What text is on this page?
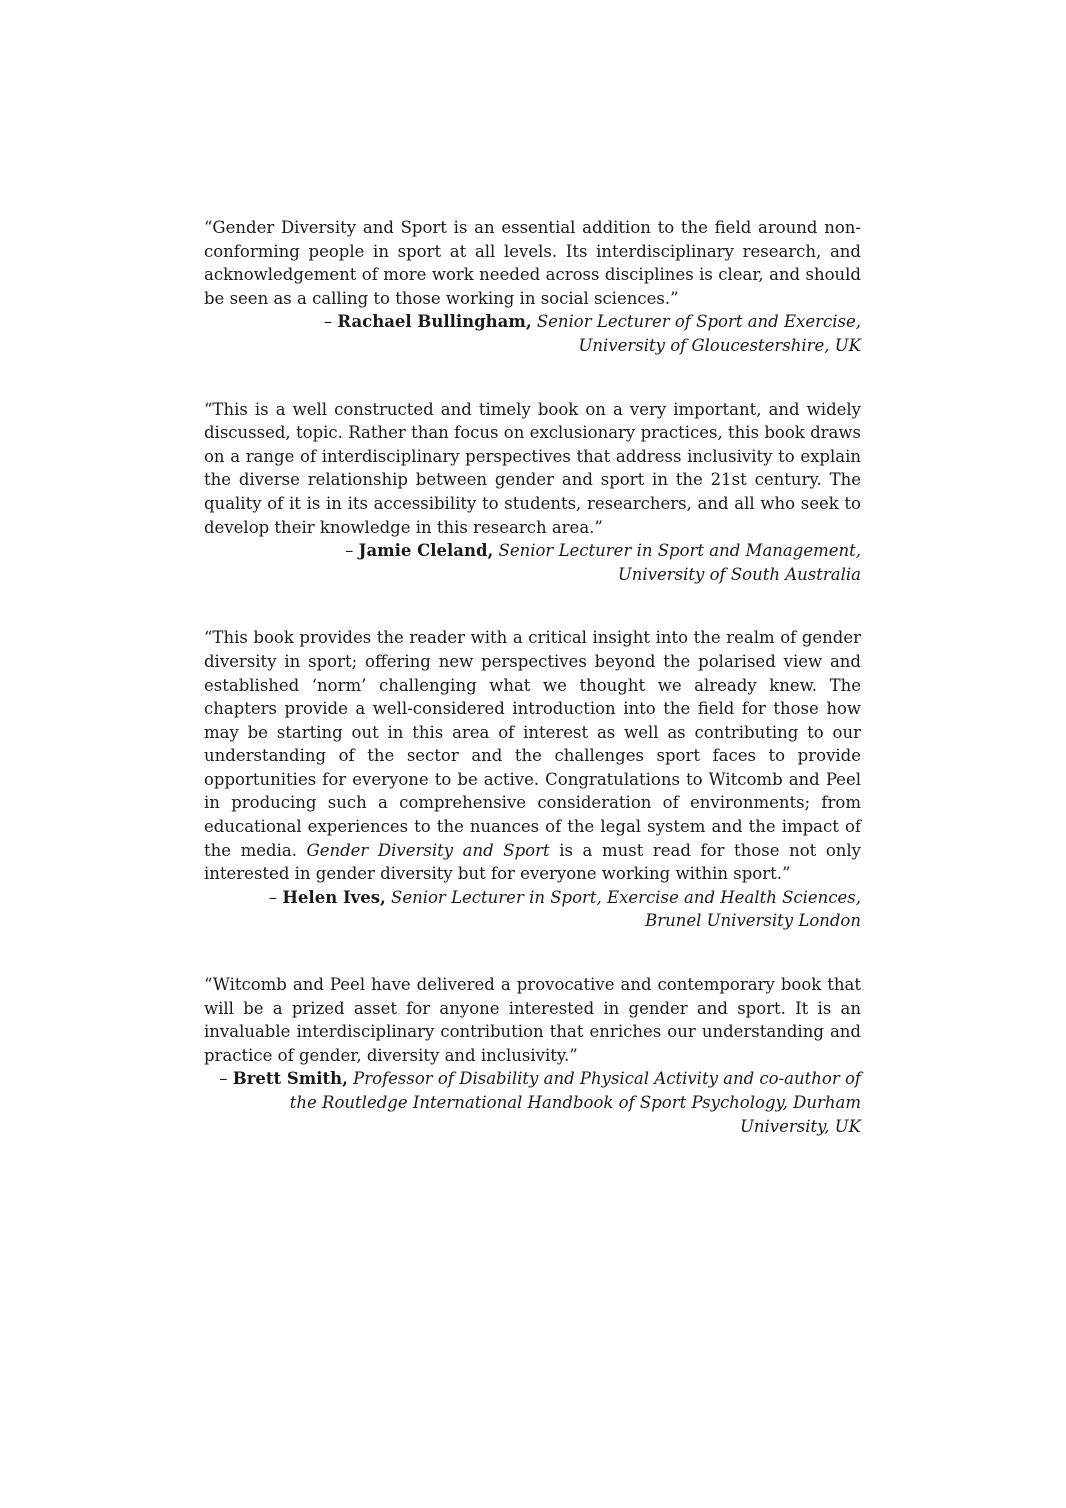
“Gender Diversity and Sport is an essential addition to the field around non-conforming people in sport at all levels. Its interdisciplinary research, and acknowledgement of more work needed across disciplines is clear, and should be seen as a calling to those working in social sciences.”

– Rachael Bullingham, Senior Lecturer of Sport and Exercise, University of Gloucestershire, UK

“This is a well constructed and timely book on a very important, and widely discussed, topic. Rather than focus on exclusionary practices, this book draws on a range of interdisciplinary perspectives that address inclusivity to explain the diverse relationship between gender and sport in the 21st century. The quality of it is in its accessibility to students, researchers, and all who seek to develop their knowledge in this research area.”

– Jamie Cleland, Senior Lecturer in Sport and Management, University of South Australia

“This book provides the reader with a critical insight into the realm of gender diversity in sport; offering new perspectives beyond the polarised view and established ‘norm’ challenging what we thought we already knew. The chapters provide a well-considered introduction into the field for those how may be starting out in this area of interest as well as contributing to our understanding of the sector and the challenges sport faces to provide opportunities for everyone to be active. Congratulations to Witcomb and Peel in producing such a comprehensive consideration of environments; from educational experiences to the nuances of the legal system and the impact of the media. Gender Diversity and Sport is a must read for those not only interested in gender diversity but for everyone working within sport.”

– Helen Ives, Senior Lecturer in Sport, Exercise and Health Sciences, Brunel University London

“Witcomb and Peel have delivered a provocative and contemporary book that will be a prized asset for anyone interested in gender and sport. It is an invaluable interdisciplinary contribution that enriches our understanding and practice of gender, diversity and inclusivity.”

– Brett Smith, Professor of Disability and Physical Activity and co-author of the Routledge International Handbook of Sport Psychology, Durham University, UK
